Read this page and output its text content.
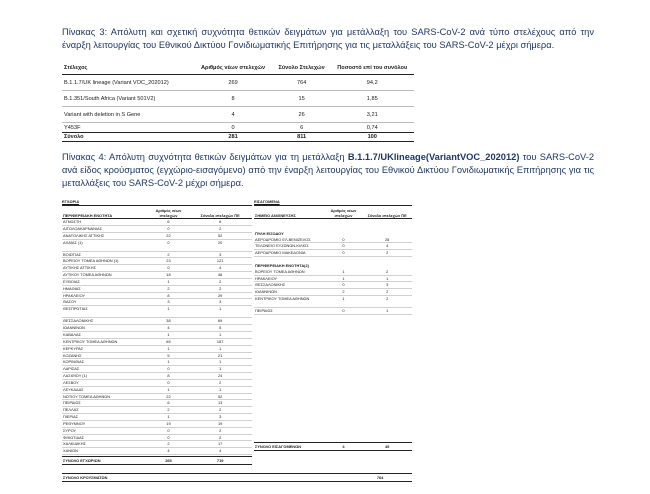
Πίνακας 3: Απόλυτη και σχετική συχνότητα θετικών δειγμάτων για μετάλλαξη του SARS-CoV-2 ανά τύπο στελέχους από την έναρξη λειτουργίας του Εθνικού Δικτύου Γονιδιωματικής Επιτήρησης για τις μεταλλάξεις του SARS-CoV-2 μέχρι σήμερα.
Στέλεχος	Αριθμός νέων στελεχών	Σύνολο Στελεχών	Ποσοστό επί του συνόλου
B.1.1.7/UK lineage (Variant VOC_202012)	269	764	94,2
B.1.351/South Africa (Variant 501V2)	8	15	1,85
Variant with deletion in S Gene	4	26	3,21
Y453F	0	6	0,74
Σύνολο	281	811	100
Πίνακας 4: Απόλυτη συχνότητα θετικών δειγμάτων για τη μετάλλαξη B.1.1.7/UKlineage(VariantVOC_202012) του SARS-CoV-2 ανά είδος κρούσματος (εγχώριο-εισαγόμενο) από την έναρξη λειτουργίας του Εθνικού Δικτύου Γονιδιωματικής Επιτήρησης για τις μεταλλάξεις του SARS-CoV-2 μέχρι σήμερα.
ΕΓΧΩΡΙΑ
ΠΕΡΙΦΕΡΕΙΑΚΗ ΕΝΟΤΗΤΑ
Αριθμός νέων στελεχών	Σύνολο στελεχών ΠΕ
ΑΓΝΩΣΤΗ	6	6
ΑΙΤΩΛΟΑΚΑΡΝΑΝΙΑΣ	0	2
ΑΝΑΤΟΛΙΚΗΣ ΑΤΤΙΚΗΣ	22	52
ΑΧΑΪΑΣ (1)	0	20
ΒΟΙΩΤΙΑΣ	2	3
ΒΟΡΕΙΟΥ ΤΟΜΕΑ ΑΘΗΝΩΝ (1)	23	121
ΔΥΤΙΚΗΣ ΑΤΤΙΚΗΣ	0	4
ΔΥΤΙΚΟΥ ΤΟΜΕΑ ΑΘΗΝΩΝ	18	48
ΕΥΒΟΙΑΣ	1	2
ΗΜΑΘΙΑΣ	2	2
ΗΡΑΚΛΕΙΟΥ	8	29
ΘΑΣΟΥ	3	3
ΘΕΣΠΡΩΤΙΑΣ	1	1
ΘΕΣΣΑΛΟΝΙΚΗΣ	38	69
ΙΩΑΝΝΙΝΩΝ	4	5
ΚΑΒΑΛΑΣ	1	1
ΚΕΝΤΡΙΚΟΥ ΤΟΜΕΑ ΑΘΗΝΩΝ	65	187
ΚΕΡΚΥΡΑΣ	1	1
ΚΟΖΑΝΗΣ	5	21
ΚΟΡΙΝΘΙΑΣ	1	1
ΛΑΡΙΣΑΣ	0	1
ΛΑΣΙΘΙΟΥ (1)	8	24
ΛΕΣΒΟΥ	0	2
ΛΕΥΚΑΔΑΣ	1	1
ΝΟΤΙΟΥ ΤΟΜΕΑ ΑΘΗΝΩΝ	22	52
ΠΕΙΡΑΙΩΣ	6	13
ΠΕΛΛΑΣ	2	2
ΠΙΕΡΙΑΣ	1	3
ΡΕΘΥΜΝΟΥ	19	19
ΣΥΡΟΥ	0	2
ΦΘΙΩΤΙΔΑΣ	0	2
ΧΑΛΚΙΔΙΚΗΣ	2	17
ΧΑΝΙΩΝ	4	4
ΣΥΝΟΛΟ ΕΓΧΩΡΙΩΝ	265	719
ΕΙΣΑΓΟΜΕΝΑ
ΣΗΜΕΙΟ ΑΝΙΧΝΕΥΣΗΣ
Αριθμός νέων στελεχών	Σύνολο στελεχών ΠΕ
ΠΥΛΗ ΕΙΣΟΔΟΥ
ΑΕΡΟΔΡΟΜΙΟ ΕΛ.ΒΕΝΙΖΕΛΟΣ	0	28
ΤΕΛΩΝΕΙΟ ΕΥΖΩΝΩΝ-ΚΙΛΚΙΣ	0	4
ΑΕΡΟΔΡΟΜΙΟ ΜΑΚΕΔΟΝΙΑ	0	2
ΠΕΡΙΦΕΡΕΙΑΚΗ ΕΝΟΤΗΤΑ(2)
ΒΟΡΕΙΟΥ ΤΟΜΕΑ ΑΘΗΝΩΝ	1	2
ΗΡΑΚΛΕΙΟΥ	1	1
ΘΕΣΣΑΛΟΝΙΚΗΣ	0	3
ΙΩΑΝΝΙΝΩΝ	2	2
ΚΕΝΤΡΙΚΟΥ ΤΟΜΕΑ ΑΘΗΝΩΝ	1	2
ΠΕΙΡΑΙΩΣ	0	1
ΣΥΝΟΛΟ ΕΙΣΑΓΟΜΕΝΩΝ	4	45
ΣΥΝΟΛΟ ΚΡΟΥΣΜΑΤΩΝ	764
